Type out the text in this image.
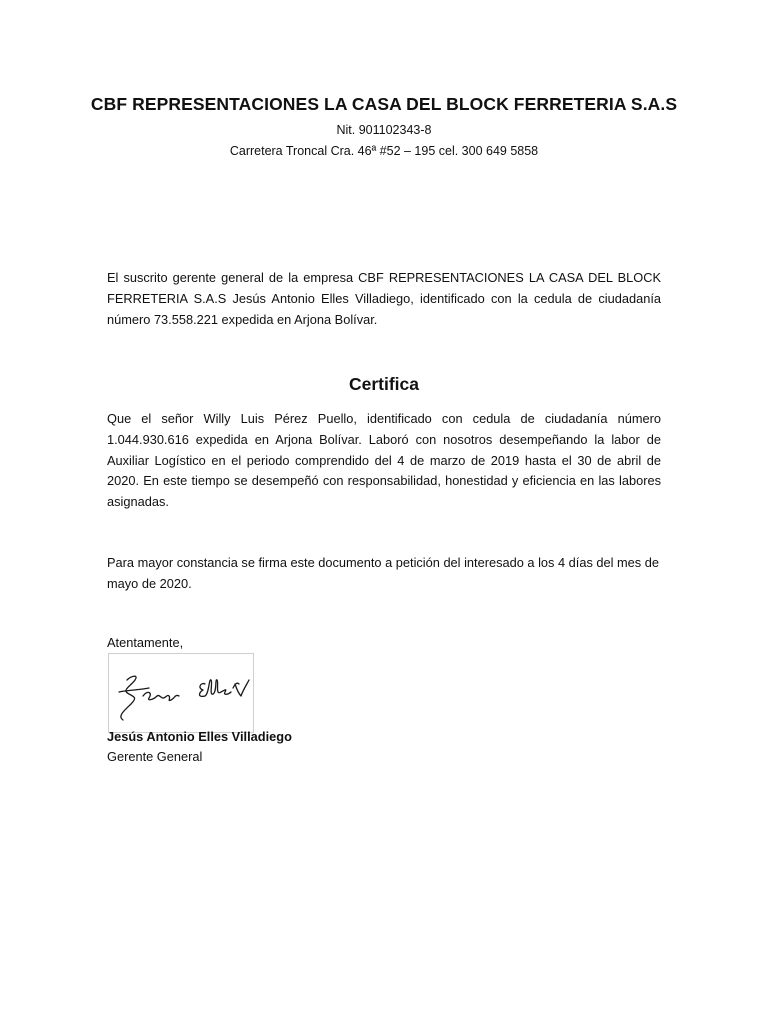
CBF REPRESENTACIONES LA CASA DEL BLOCK FERRETERIA S.A.S
Nit. 901102343-8
Carretera Troncal Cra. 46ª #52 – 195 cel. 300 649 5858

El suscrito gerente general de la empresa CBF REPRESENTACIONES LA CASA DEL BLOCK FERRETERIA S.A.S Jesús Antonio Elles Villadiego, identificado con la cedula de ciudadanía número 73.558.221 expedida en Arjona Bolívar.

Certifica

Que el señor Willy Luis Pérez Puello, identificado con cedula de ciudadanía número 1.044.930.616 expedida en Arjona Bolívar. Laboró con nosotros desempeñando la labor de Auxiliar Logístico en el periodo comprendido del 4 de marzo de 2019 hasta el 30 de abril de 2020. En este tiempo se desempeñó con responsabilidad, honestidad y eficiencia en las labores asignadas.

Para mayor constancia se firma este documento a petición del interesado a los 4 días del mes de mayo de 2020.

Atentamente,
Jesús Antonio Elles Villadiego
Gerente General
